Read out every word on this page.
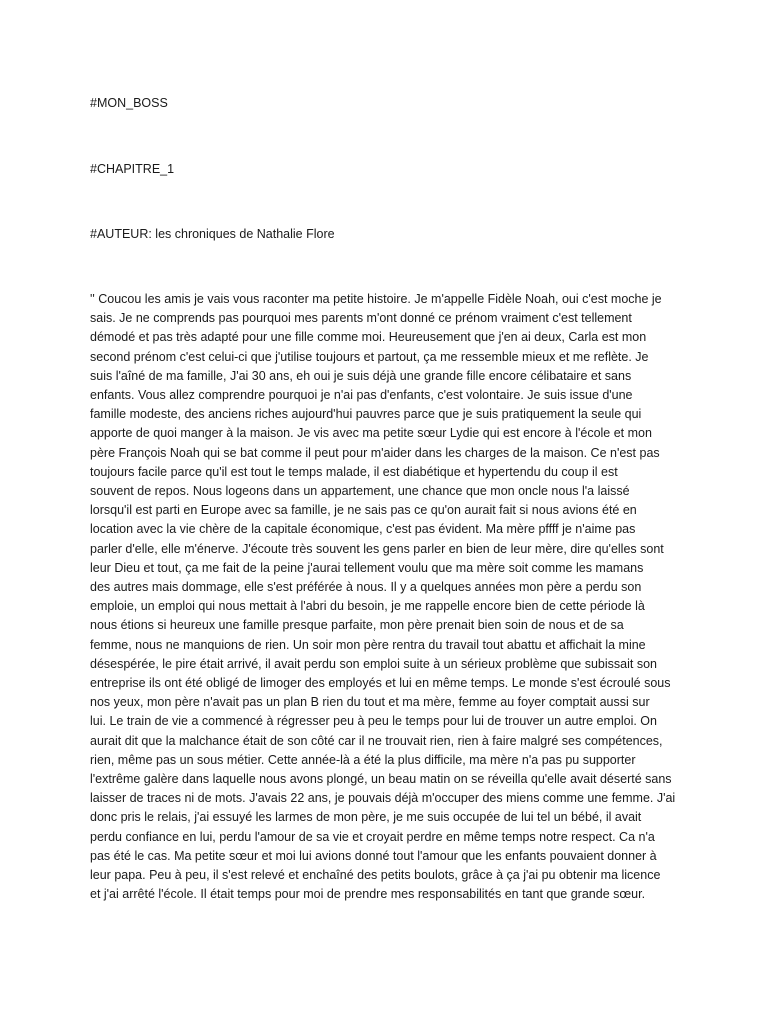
#MON_BOSS

#CHAPITRE_1

#AUTEUR: les chroniques de Nathalie Flore

'' Coucou les amis je vais vous raconter ma petite histoire. Je m'appelle Fidèle Noah, oui c'est moche je
sais. Je ne comprends pas pourquoi mes parents m'ont donné ce prénom vraiment c'est tellement
démodé et pas très adapté pour une fille comme moi. Heureusement que j'en ai deux, Carla est mon
second prénom c'est celui-ci que j'utilise toujours et partout, ça me ressemble mieux et me reflète. Je
suis l'aîné de ma famille, J'ai 30 ans, eh oui je suis déjà une grande fille encore célibataire et sans
enfants. Vous allez comprendre pourquoi je n'ai pas d'enfants, c'est volontaire. Je suis issue d'une
famille modeste, des anciens riches aujourd'hui pauvres parce que je suis pratiquement la seule qui
apporte de quoi manger à la maison. Je vis avec ma petite sœur Lydie qui est encore à l'école et mon
père François Noah qui se bat comme il peut pour m'aider dans les charges de la maison. Ce n'est pas
toujours facile parce qu'il est tout le temps malade, il est diabétique et hypertendu du coup il est
souvent de repos. Nous logeons dans un appartement, une chance que mon oncle nous l'a laissé
lorsqu'il est parti en Europe avec sa famille, je ne sais pas ce qu'on aurait fait si nous avions été en
location avec la vie chère de la capitale économique, c'est pas évident. Ma mère pffff je n'aime pas
parler d'elle, elle m'énerve. J'écoute très souvent les gens parler en bien de leur mère, dire qu'elles sont
leur Dieu et tout, ça me fait de la peine j'aurai tellement voulu que ma mère soit comme les mamans
des autres mais dommage, elle s'est préférée à nous. Il y a quelques années mon père a perdu son
emploie, un emploi qui nous mettait à l'abri du besoin, je me rappelle encore bien de cette période là
nous étions si heureux une famille presque parfaite, mon père prenait bien soin de nous et de sa
femme, nous ne manquions de rien. Un soir mon père rentra du travail tout abattu et affichait la mine
désespérée, le pire était arrivé, il avait perdu son emploi suite à un sérieux problème que subissait son
entreprise ils ont été obligé de limoger des employés et lui en même temps. Le monde s'est écroulé sous
nos yeux, mon père n'avait pas un plan B rien du tout et ma mère, femme au foyer comptait aussi sur
lui. Le train de vie a commencé à régresser peu à peu le temps pour lui de trouver un autre emploi. On
aurait dit que la malchance était de son côté car il ne trouvait rien, rien à faire malgré ses compétences,
rien, même pas un sous métier. Cette année-là a été la plus difficile, ma mère n'a pas pu supporter
l'extrême galère dans laquelle nous avons plongé, un beau matin on se réveilla qu'elle avait déserté sans
laisser de traces ni de mots. J'avais 22 ans, je pouvais déjà m'occuper des miens comme une femme. J'ai
donc pris le relais, j'ai essuyé les larmes de mon père, je me suis occupée de lui tel un bébé, il avait
perdu confiance en lui, perdu l'amour de sa vie et croyait perdre en même temps notre respect. Ca n'a
pas été le cas. Ma petite sœur et moi lui avions donné tout l'amour que les enfants pouvaient donner à
leur papa. Peu à peu, il s'est relevé et enchaîné des petits boulots, grâce à ça j'ai pu obtenir ma licence
et j'ai arrêté l'école. Il était temps pour moi de prendre mes responsabilités en tant que grande sœur.
